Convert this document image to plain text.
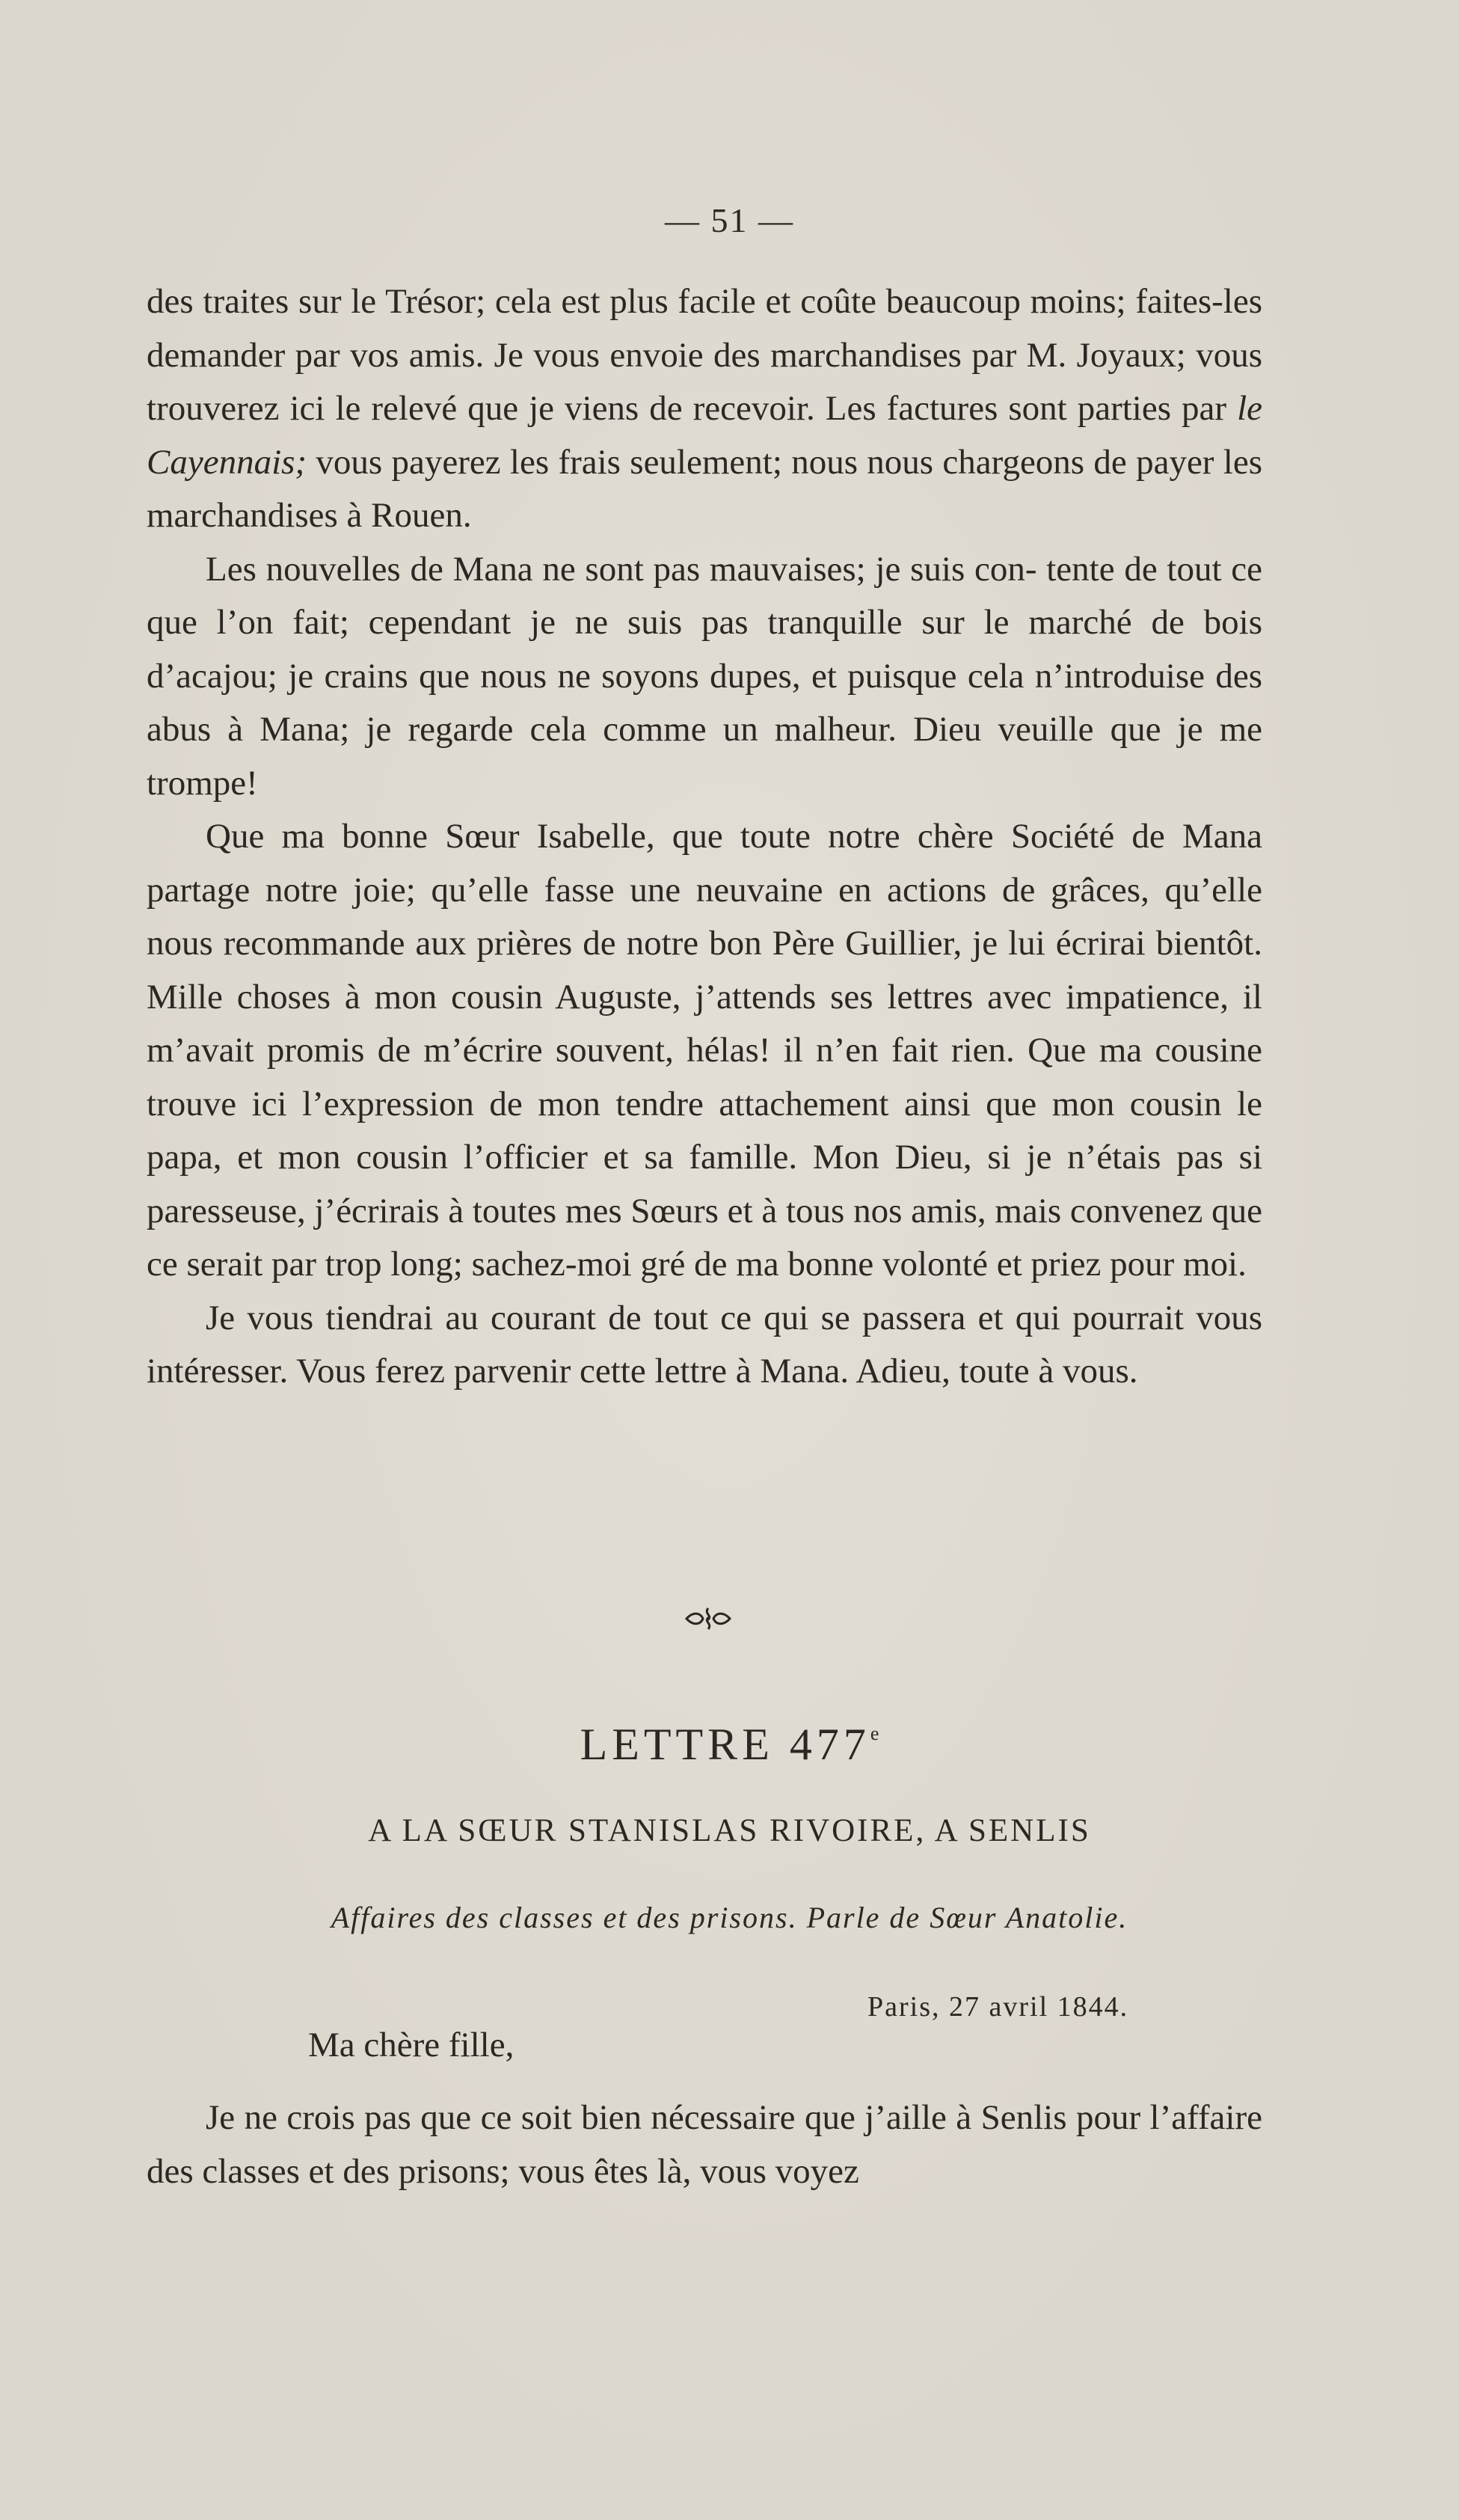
— 51 —

des traites sur le Trésor; cela est plus facile et coûte beaucoup moins; faites-les demander par vos amis. Je vous envoie des marchandises par M. Joyaux; vous trouverez ici le relevé que je viens de recevoir. Les factures sont parties par le Cayennais; vous payerez les frais seulement; nous nous chargeons de payer les marchandises à Rouen.

Les nouvelles de Mana ne sont pas mauvaises; je suis con- tente de tout ce que l’on fait; cependant je ne suis pas tranquille sur le marché de bois d’acajou; je crains que nous ne soyons dupes, et puisque cela n’introduise des abus à Mana; je regarde cela comme un malheur. Dieu veuille que je me trompe!

Que ma bonne Sœur Isabelle, que toute notre chère Société de Mana partage notre joie; qu’elle fasse une neuvaine en actions de grâces, qu’elle nous recommande aux prières de notre bon Père Guillier, je lui écrirai bientôt. Mille choses à mon cousin Auguste, j’attends ses lettres avec impatience, il m’avait promis de m’écrire souvent, hélas! il n’en fait rien. Que ma cousine trouve ici l’expression de mon tendre attachement ainsi que mon cousin le papa, et mon cousin l’officier et sa famille. Mon Dieu, si je n’étais pas si paresseuse, j’écrirais à toutes mes Sœurs et à tous nos amis, mais convenez que ce serait par trop long; sachez-moi gré de ma bonne volonté et priez pour moi.

Je vous tiendrai au courant de tout ce qui se passera et qui pourrait vous intéresser. Vous ferez parvenir cette lettre à Mana. Adieu, toute à vous.

LETTRE 477e
A LA SŒUR STANISLAS RIVOIRE, A SENLIS
Affaires des classes et des prisons. Parle de Sœur Anatolie.
Paris, 27 avril 1844.
Ma chère fille,

Je ne crois pas que ce soit bien nécessaire que j’aille à Senlis pour l’affaire des classes et des prisons; vous êtes là, vous voyez
